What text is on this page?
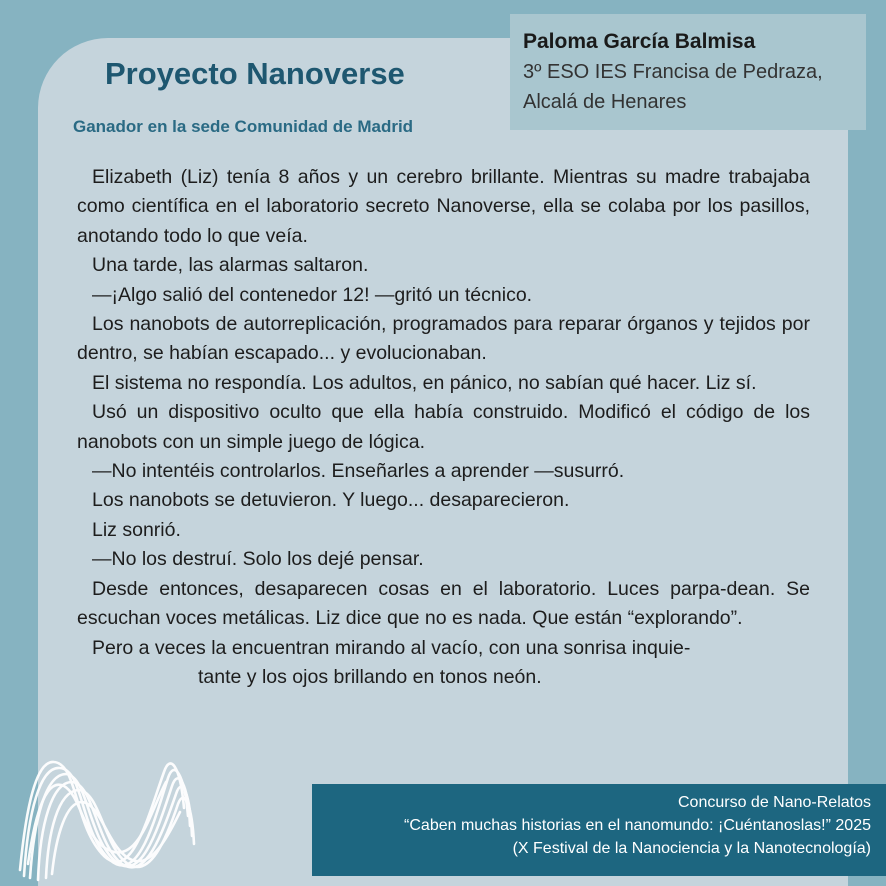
Proyecto Nanoverse
Ganador en la sede Comunidad de Madrid
Paloma García Balmisa
3º ESO IES Francisa de Pedraza,
Alcalá de Henares

Elizabeth (Liz) tenía 8 años y un cerebro brillante. Mientras su madre trabajaba como científica en el laboratorio secreto Nanoverse, ella se colaba por los pasillos, anotando todo lo que veía.

Una tarde, las alarmas saltaron.

—¡Algo salió del contenedor 12! —gritó un técnico.

Los nanobots de autorreplicación, programados para reparar órganos y tejidos por dentro, se habían escapado... y evolucionaban.

El sistema no respondía. Los adultos, en pánico, no sabían qué hacer. Liz sí.

Usó un dispositivo oculto que ella había construido. Modificó el código de los nanobots con un simple juego de lógica.

—No intentéis controlarlos. Enseñarles a aprender —susurró.

Los nanobots se detuvieron. Y luego... desaparecieron.

Liz sonrió.

—No los destruí. Solo los dejé pensar.

Desde entonces, desaparecen cosas en el laboratorio. Luces parpa-dean. Se escuchan voces metálicas. Liz dice que no es nada. Que están “explorando”.

Pero a veces la encuentran mirando al vacío, con una sonrisa inquie-

tante y los ojos brillando en tonos neón.

Concurso de Nano-Relatos
“Caben muchas historias en el nanomundo: ¡Cuéntanoslas!” 2025
(X Festival de la Nanociencia y la Nanotecnología)
